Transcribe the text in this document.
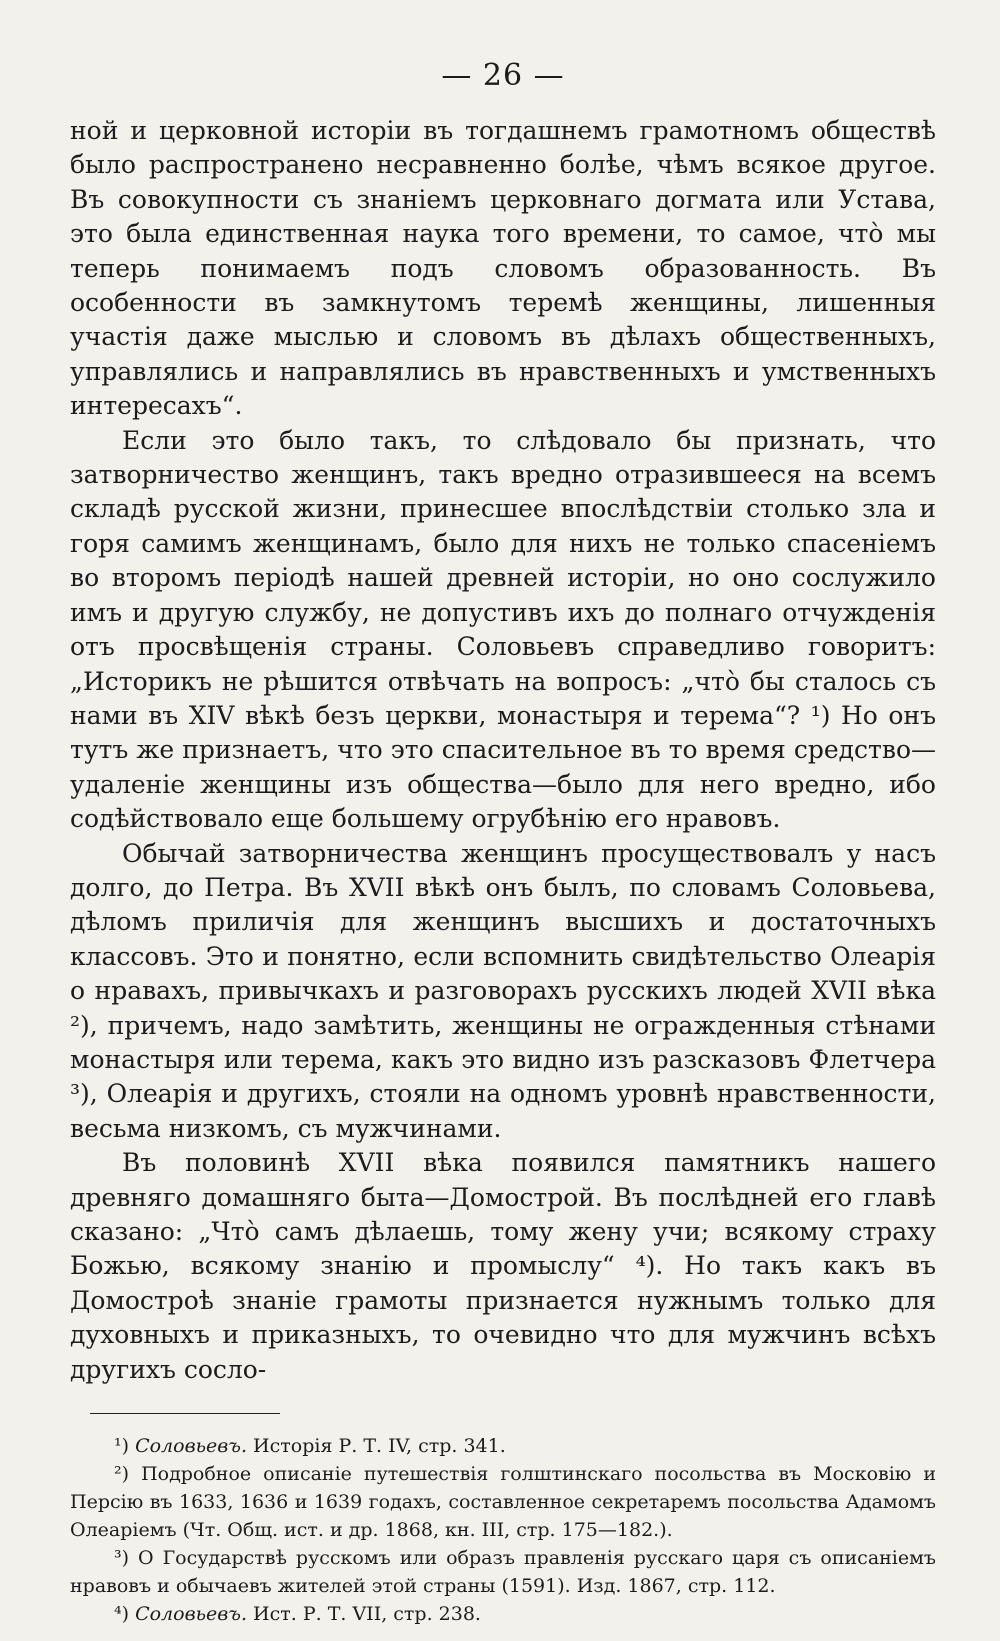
— 26 —

ной и церковной исторіи въ тогдашнемъ грамотномъ обществѣ было распространено несравненно болѣе, чѣмъ всякое другое. Въ совокупности съ знаніемъ церковнаго догмата или Устава, это была единственная наука того времени, то самое, что̀ мы теперь понимаемъ подъ словомъ образованность. Въ особенности въ замкнутомъ теремѣ женщины, лишенныя участія даже мыслью и словомъ въ дѣлахъ общественныхъ, управлялись и направлялись въ нравственныхъ и умственныхъ интересахъ“.

Если это было такъ, то слѣдовало бы признать, что затворничество женщинъ, такъ вредно отразившееся на всемъ складѣ русской жизни, принесшее впослѣдствіи столько зла и горя самимъ женщинамъ, было для нихъ не только спасеніемъ во второмъ періодѣ нашей древней исторіи, но оно сослужило имъ и другую службу, не допустивъ ихъ до полнаго отчужденія отъ просвѣщенія страны. Соловьевъ справедливо говоритъ: „Историкъ не рѣшится отвѣчать на вопросъ: „что̀ бы сталось съ нами въ XIV вѣкѣ безъ церкви, монастыря и терема“? ¹) Но онъ тутъ же признаетъ, что это спасительное въ то время средство—удаленіе женщины изъ общества—было для него вредно, ибо содѣйствовало еще большему огрубѣнію его нравовъ.

Обычай затворничества женщинъ просуществовалъ у насъ долго, до Петра. Въ XVII вѣкѣ онъ былъ, по словамъ Соловьева, дѣломъ приличія для женщинъ высшихъ и достаточныхъ классовъ. Это и понятно, если вспомнить свидѣтельство Олеарія о нравахъ, привычкахъ и разговорахъ русскихъ людей XVII вѣка ²), причемъ, надо замѣтить, женщины не огражденныя стѣнами монастыря или терема, какъ это видно изъ разсказовъ Флетчера ³), Олеарія и другихъ, стояли на одномъ уровнѣ нравственности, весьма низкомъ, съ мужчинами.

Въ половинѣ XVII вѣка появился памятникъ нашего древняго домашняго быта—Домострой. Въ послѣдней его главѣ сказано: „Что̀ самъ дѣлаешь, тому жену учи; всякому страху Божью, всякому знанію и промыслу“ ⁴). Но такъ какъ въ Домостроѣ знаніе грамоты признается нужнымъ только для духовныхъ и приказныхъ, то очевидно что для мужчинъ всѣхъ другихъ сосло-

¹) Соловьевъ. Исторія Р. Т. IV, стр. 341.

²) Подробное описаніе путешествія голштинскаго посольства въ Московію и Персію въ 1633, 1636 и 1639 годахъ, составленное секретаремъ посольства Адамомъ Олеаріемъ (Чт. Общ. ист. и др. 1868, кн. III, стр. 175—182.).

³) О Государствѣ русскомъ или образъ правленія русскаго царя съ описаніемъ нравовъ и обычаевъ жителей этой страны (1591). Изд. 1867, стр. 112.

⁴) Соловьевъ. Ист. Р. Т. VII, стр. 238.
